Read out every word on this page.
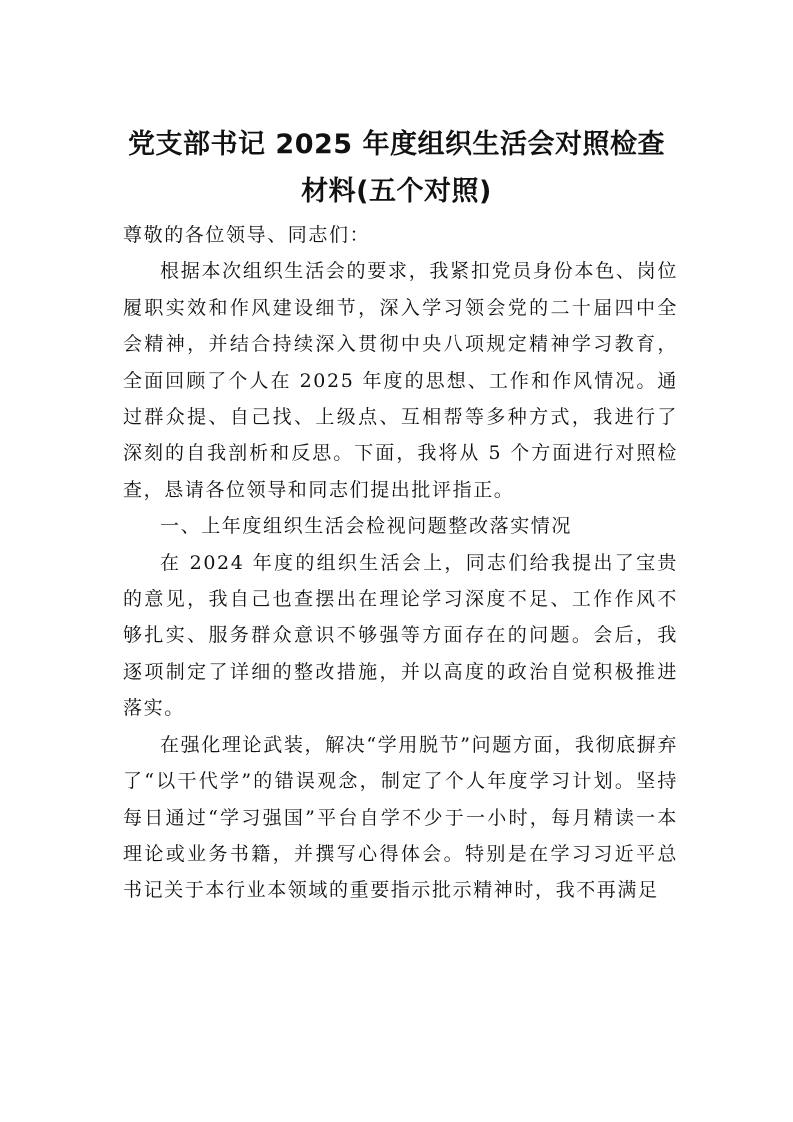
党支部书记 2025 年度组织生活会对照检查
材料(五个对照)

尊敬的各位领导、同志们：

根据本次组织生活会的要求，我紧扣党员身份本色、岗位履职实效和作风建设细节，深入学习领会党的二十届四中全会精神，并结合持续深入贯彻中央八项规定精神学习教育，全面回顾了个人在 2025 年度的思想、工作和作风情况。通过群众提、自己找、上级点、互相帮等多种方式，我进行了深刻的自我剖析和反思。下面，我将从 5 个方面进行对照检查，恳请各位领导和同志们提出批评指正。

一、上年度组织生活会检视问题整改落实情况

在 2024 年度的组织生活会上，同志们给我提出了宝贵的意见，我自己也查摆出在理论学习深度不足、工作作风不够扎实、服务群众意识不够强等方面存在的问题。会后，我逐项制定了详细的整改措施，并以高度的政治自觉积极推进落实。

在强化理论武装，解决“学用脱节”问题方面，我彻底摒弃了“以干代学”的错误观念，制定了个人年度学习计划。坚持每日通过“学习强国”平台自学不少于一小时，每月精读一本理论或业务书籍，并撰写心得体会。特别是在学习习近平总书记关于本行业本领域的重要指示批示精神时，我不再满足
